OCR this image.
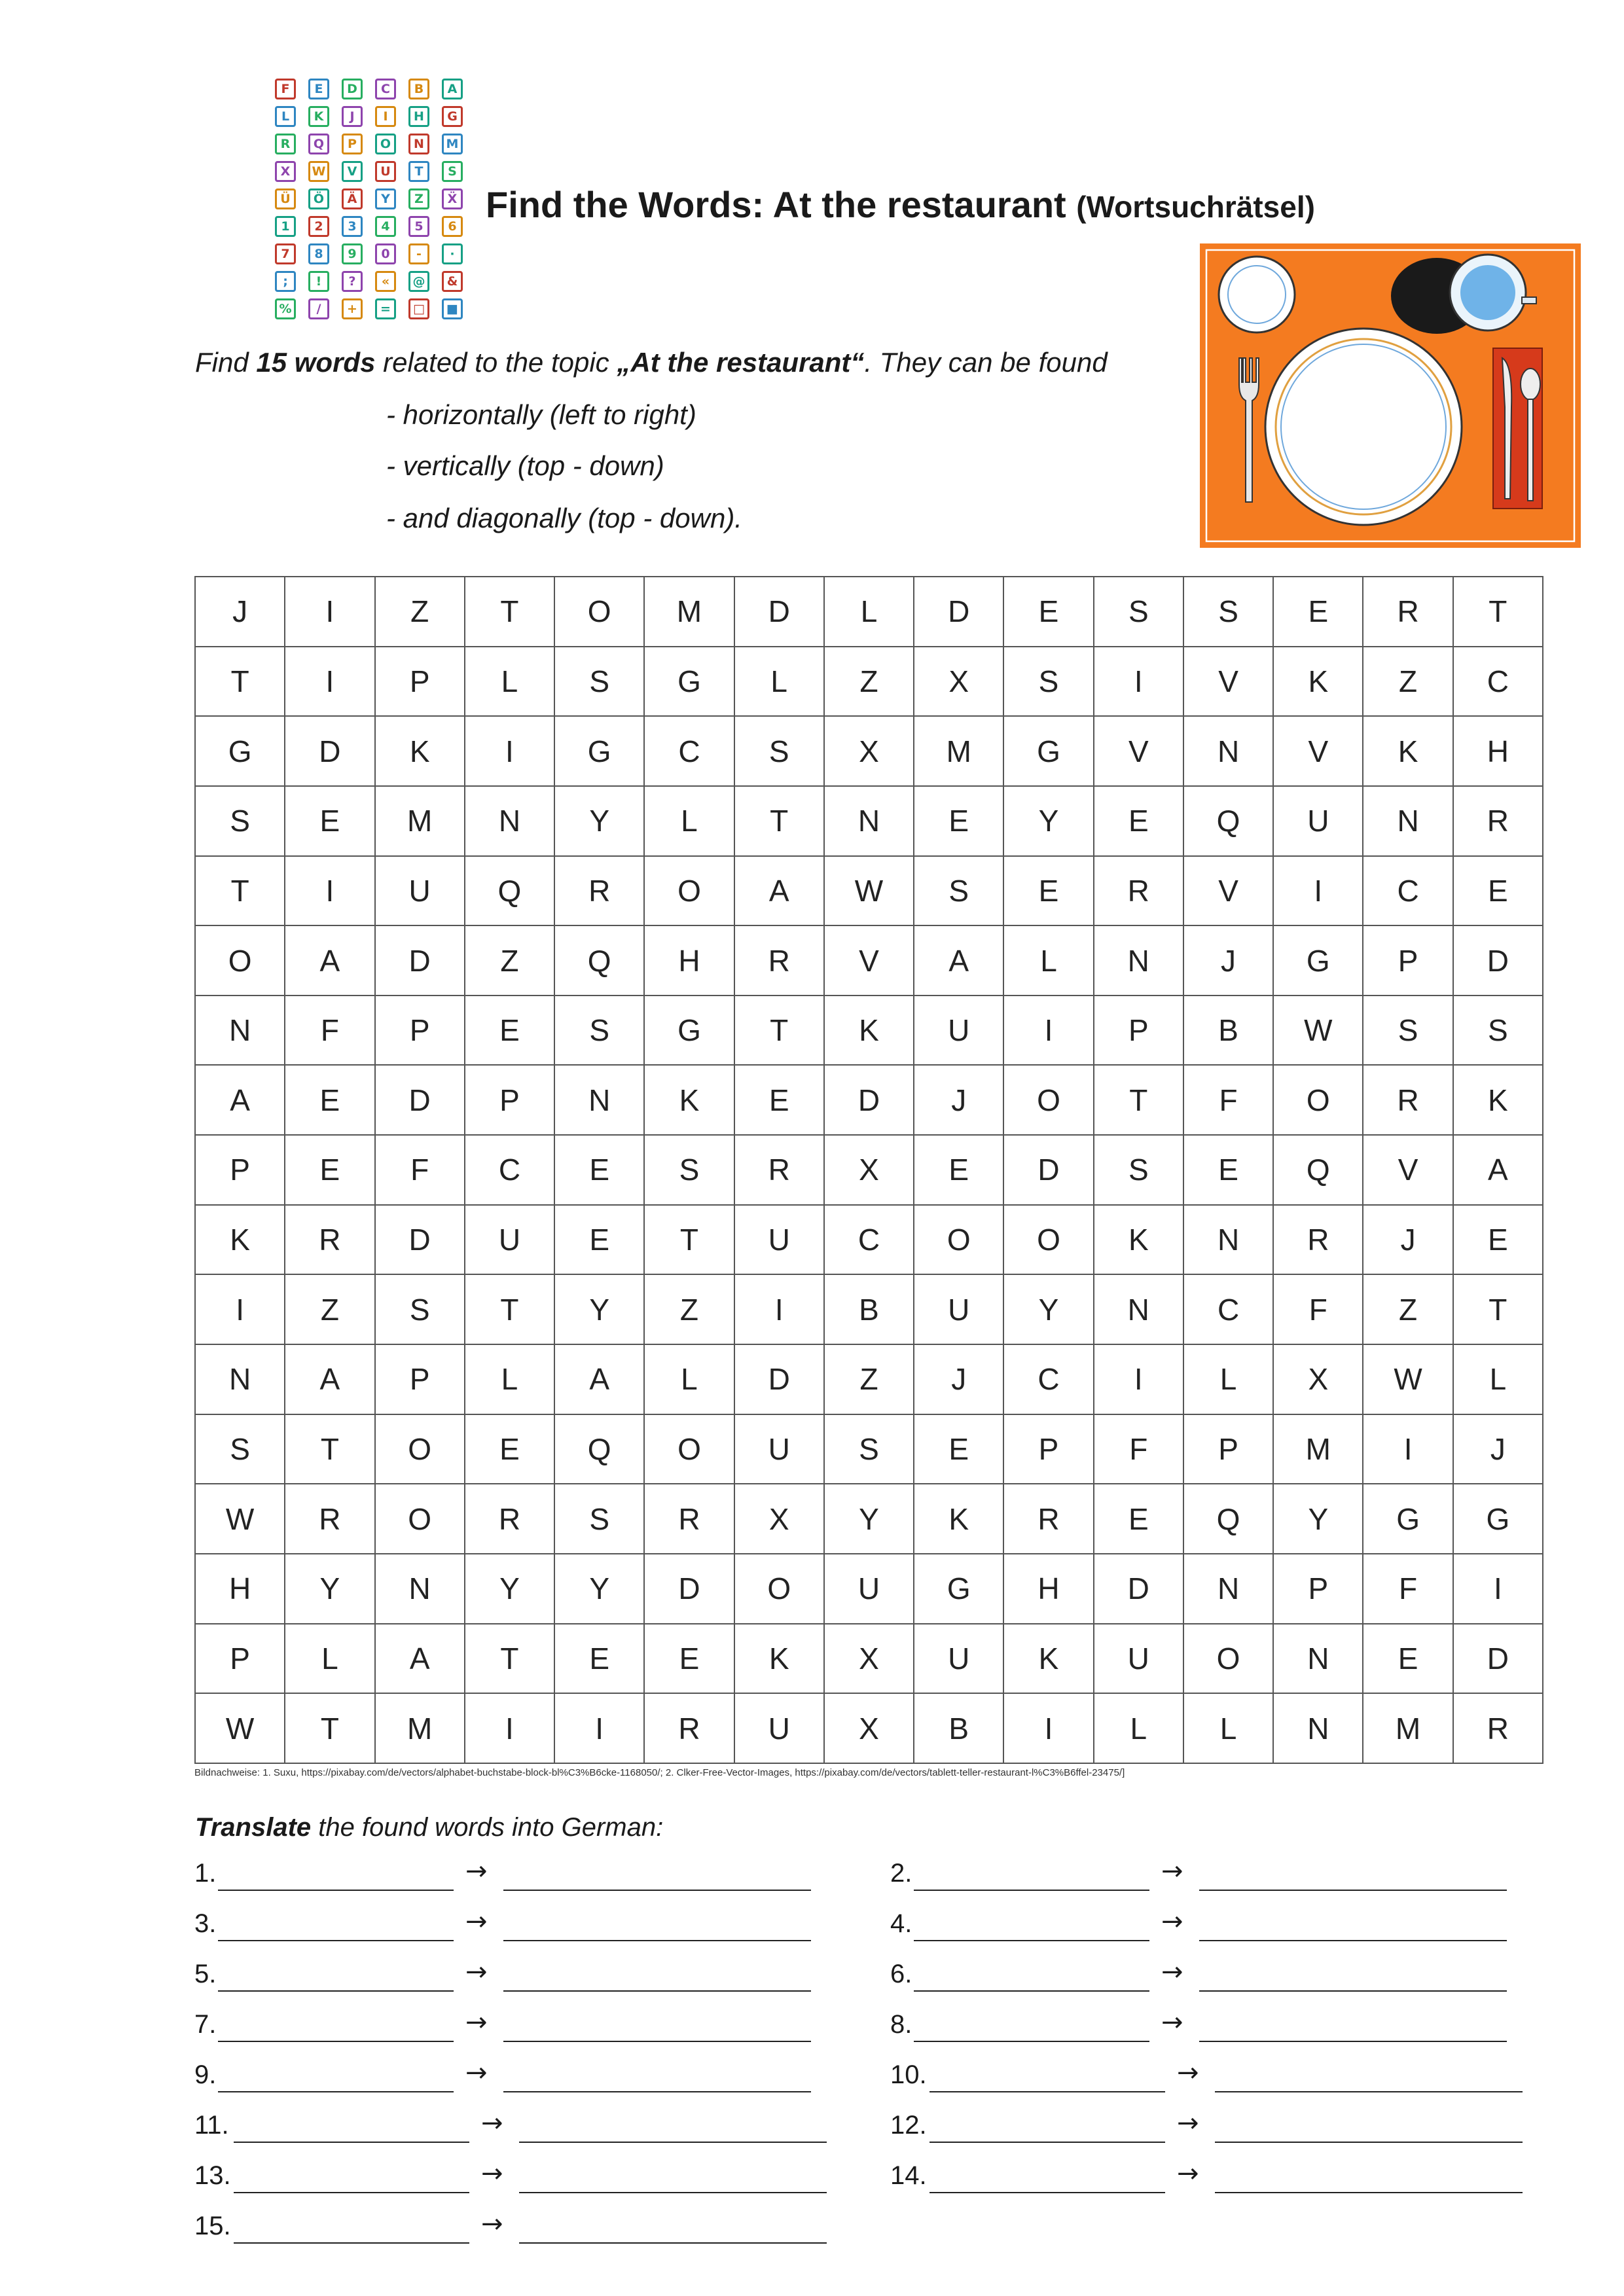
F	E	D	C	B	A
L	K	J	I	H	G
R	Q	P	O	N	M
X	W	V	U	T	S
Ü	Ö	Ä	Y	Z	Ẍ
1	2	3	4	5	6
7	8	9	0	-	·
;	!	?	«	@	&
%	/	+	=	□	■
Find the Words: At the restaurant (Wortsuchrätsel)
Find 15 words related to the topic „At the restaurant“. They can be found
- horizontally (left to right)
- vertically (top - down)
- and diagonally (top - down).
J	I	Z	T	O	M	D	L	D	E	S	S	E	R	T
T	I	P	L	S	G	L	Z	X	S	I	V	K	Z	C
G	D	K	I	G	C	S	X	M	G	V	N	V	K	H
S	E	M	N	Y	L	T	N	E	Y	E	Q	U	N	R
T	I	U	Q	R	O	A	W	S	E	R	V	I	C	E
O	A	D	Z	Q	H	R	V	A	L	N	J	G	P	D
N	F	P	E	S	G	T	K	U	I	P	B	W	S	S
A	E	D	P	N	K	E	D	J	O	T	F	O	R	K
P	E	F	C	E	S	R	X	E	D	S	E	Q	V	A
K	R	D	U	E	T	U	C	O	O	K	N	R	J	E
I	Z	S	T	Y	Z	I	B	U	Y	N	C	F	Z	T
N	A	P	L	A	L	D	Z	J	C	I	L	X	W	L
S	T	O	E	Q	O	U	S	E	P	F	P	M	I	J
W	R	O	R	S	R	X	Y	K	R	E	Q	Y	G	G
H	Y	N	Y	Y	D	O	U	G	H	D	N	P	F	I
P	L	A	T	E	E	K	X	U	K	U	O	N	E	D
W	T	M	I	I	R	U	X	B	I	L	L	N	M	R
Bildnachweise: 1. Suxu, https://pixabay.com/de/vectors/alphabet-buchstabe-block-bl%C3%B6cke-1168050/; 2. Clker-Free-Vector-Images, https://pixabay.com/de/vectors/tablett-teller-restaurant-l%C3%B6ffel-23475/]
Translate the found words into German:
1.	→	2.	→
3.	→	4.	→
5.	→	6.	→
7.	→	8.	→
9.	→	10.	→
11.	→	12.	→
13.	→	14.	→
15.	→
